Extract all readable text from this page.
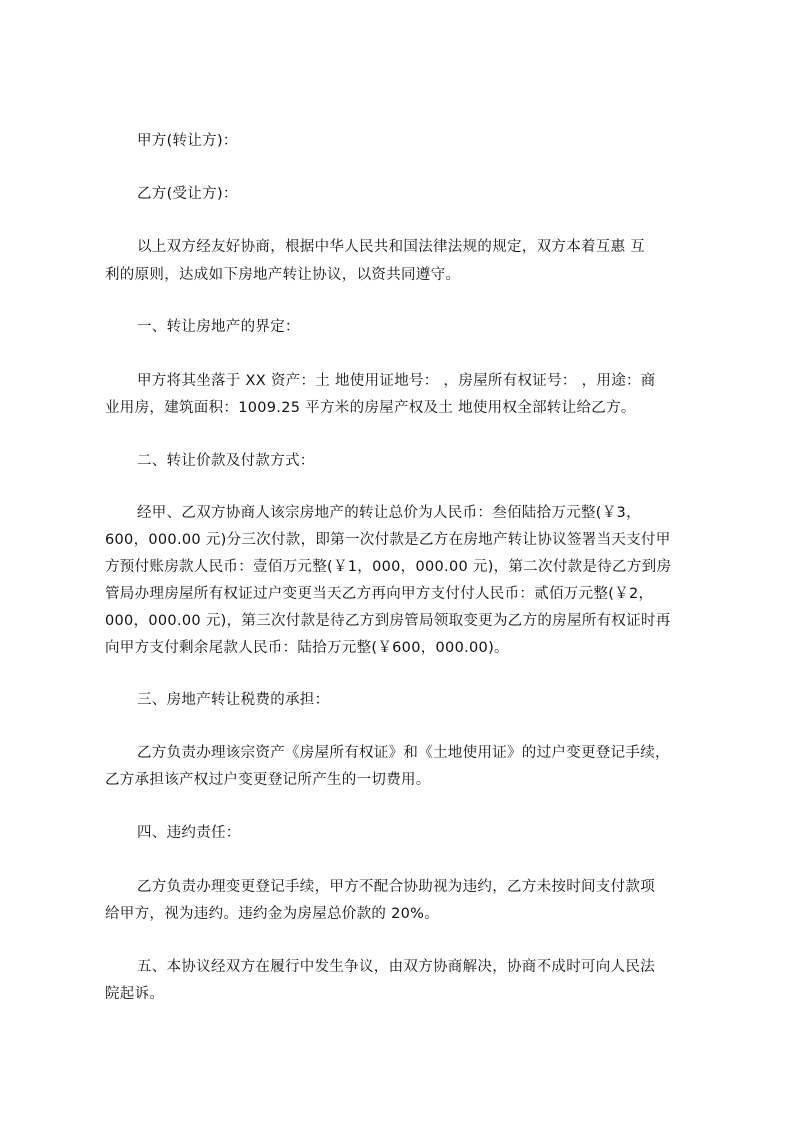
甲方(转让方)：
乙方(受让方)：
以上双方经友好协商，根据中华人民共和国法律法规的规定，双方本着互惠 互
利的原则，达成如下房地产转让协议，以资共同遵守。
一、转让房地产的界定：
甲方将其坐落于 XX 资产：土 地使用证地号： ，房屋所有权证号： ，用途：商
业用房，建筑面积：1009.25 平方米的房屋产权及土 地使用权全部转让给乙方。
二、转让价款及付款方式：
经甲、乙双方协商人该宗房地产的转让总价为人民币：叁佰陆拾万元整(￥3，
600，000.00 元)分三次付款，即第一次付款是乙方在房地产转让协议签署当天支付甲
方预付账房款人民币：壹佰万元整(￥1，000，000.00 元)，第二次付款是待乙方到房
管局办理房屋所有权证过户变更当天乙方再向甲方支付付人民币：贰佰万元整(￥2，
000，000.00 元)，第三次付款是待乙方到房管局领取变更为乙方的房屋所有权证时再
向甲方支付剩余尾款人民币：陆拾万元整(￥600，000.00)。
三、房地产转让税费的承担：
乙方负责办理该宗资产《房屋所有权证》和《土地使用证》的过户变更登记手续，
乙方承担该产权过户变更登记所产生的一切费用。
四、违约责任：
乙方负责办理变更登记手续，甲方不配合协助视为违约，乙方未按时间支付款项
给甲方，视为违约。违约金为房屋总价款的 20%。
五、本协议经双方在履行中发生争议，由双方协商解决，协商不成时可向人民法
院起诉。
